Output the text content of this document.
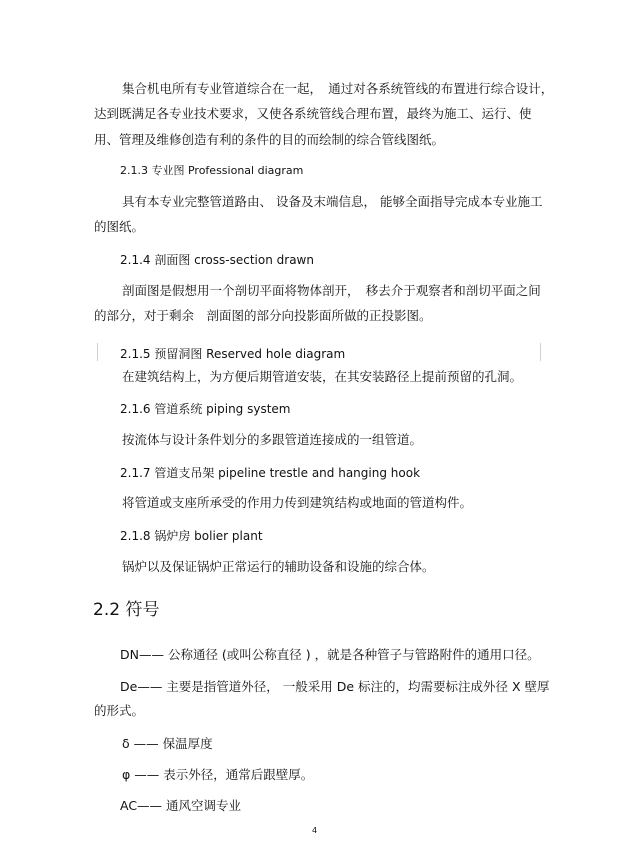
集合机电所有专业管道综合在一起，　通过对各系统管线的布置进行综合设计，
达到既满足各专业技术要求，又使各系统管线合理布置，最终为施工、运行、使
用、管理及维修创造有利的条件的目的而绘制的综合管线图纸。
2.1.3 专业图 Professional diagram
具有本专业完整管道路由、 设备及末端信息， 能够全面指导完成本专业施工
的图纸。
2.1.4 剖面图 cross-section drawn
剖面图是假想用一个剖切平面将物体剖开，　移去介于观察者和剖切平面之间
的部分，对于剩余　剖面图的部分向投影面所做的正投影图。
2.1.5 预留洞图 Reserved hole diagram
在建筑结构上，为方便后期管道安装，在其安装路径上提前预留的孔洞。
2.1.6 管道系统 piping system
按流体与设计条件划分的多跟管道连接成的一组管道。
2.1.7 管道支吊架 pipeline trestle and hanging hook
将管道或支座所承受的作用力传到建筑结构或地面的管道构件。
2.1.8 锅炉房 bolier plant
锅炉以及保证锅炉正常运行的辅助设备和设施的综合体。
2.2 符号
DN—— 公称通径 (或叫公称直径 ) ，就是各种管子与管路附件的通用口径。
De—— 主要是指管道外径， 一般采用 De 标注的，均需要标注成外径 X 壁厚
的形式。
δ —— 保温厚度
φ —— 表示外径，通常后跟壁厚。
AC—— 通风空调专业
4
